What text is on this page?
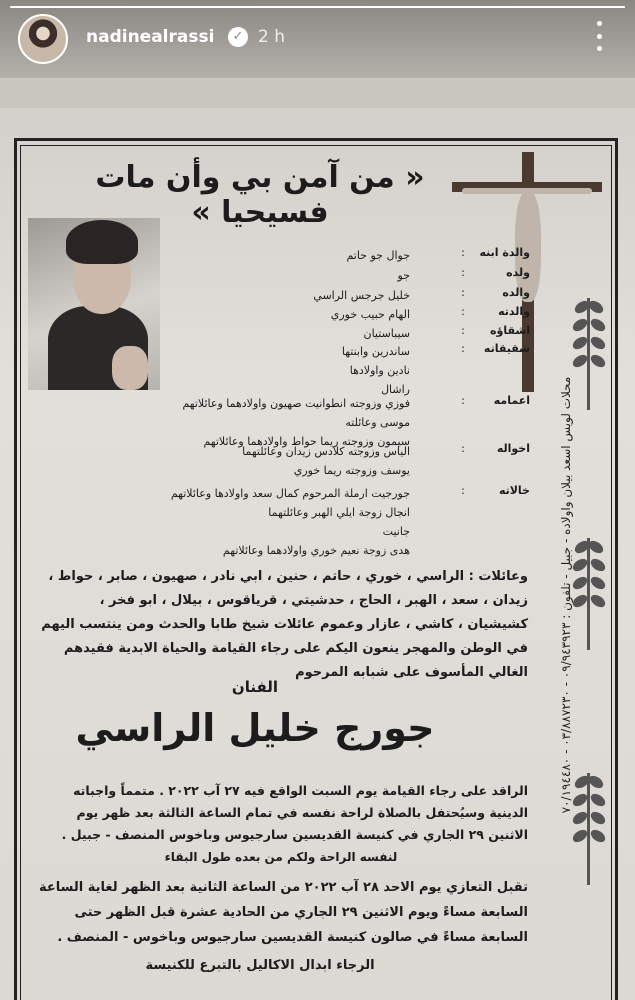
nadinealrassi	✓ 2 h
« من آمن بي وأن مات فسيحيا »
محلات لويس اسعد بيلان واولاده - جبيل - تلفون : ٠٩/٩٤٣٩٢٣ - ٠٣/٨٨٧٢٣٠ - ٧٠/١٩٤٤٨٠
والدة ابنه
:
جوال جو حاتم
ولده
:
جو
والده
:
خليل جرجس الراسي
والدته
:
الهام حبيب خوري
اشقاؤه
:
سيباستيان
شقيقاته
:
ساندرين وابنتها
نادين واولادها
راشال
اعمامه
:
فوزي وزوجته انطوانيت صهيون واولادهما وعائلاتهم
موسى وعائلته
سيمون وزوجته ريما حواط واولادهما وعائلاتهم
اخواله
:
الياس وزوجته كلادس زيدان وعائلتهما
يوسف وزوجته ريما خوري
خالاته
:
جورجيت ارملة المرحوم كمال سعد واولادها وعائلاتهم
انجال زوجة ايلي الهبر وعائلتهما
جانيت
هدى زوجة نعيم خوري واولادهما وعائلاتهم
وعائلات : الراسي ، خوري ، حاتم ، حنين ، ابي نادر ، صهيون ، صابر ، حواط ، زيدان ، سعد ، الهبر ، الحاج ، حدشيتي ، قرياقوس ، بيلال ، ابو فخر ، كشيشيان ، كاشي ، عازار وعموم عائلات شيخ طابا والحدث ومن ينتسب اليهم في الوطن والمهجر ينعون اليكم على رجاء القيامة والحياة الابدية فقيدهم الغالي المأسوف على شبابه المرحوم
الفنان
جورج خليل الراسي
الراقد على رجاء القيامة يوم السبت الواقع فيه ٢٧ آب ٢٠٢٢ . متمماً واجباته الدينية وسيُحتفل بالصلاة لراحة نفسه في تمام الساعة الثالثة بعد ظهر يوم الاثنين ٢٩ الجاري في كنيسة القديسين سارجيوس وباخوس المنصف - جبيل .
لنفسه الراحة ولكم من بعده طول البقاء
تقبل التعازي يوم الاحد ٢٨ آب ٢٠٢٢ من الساعة الثانية بعد الظهر لغاية الساعة السابعة مساءً ويوم الاثنين ٢٩ الجاري من الحادية عشرة قبل الظهر حتى السابعة مساءً في صالون كنيسة القديسين سارجيوس وباخوس - المنصف .
الرجاء ابدال الاكاليل بالتبرع للكنيسة
